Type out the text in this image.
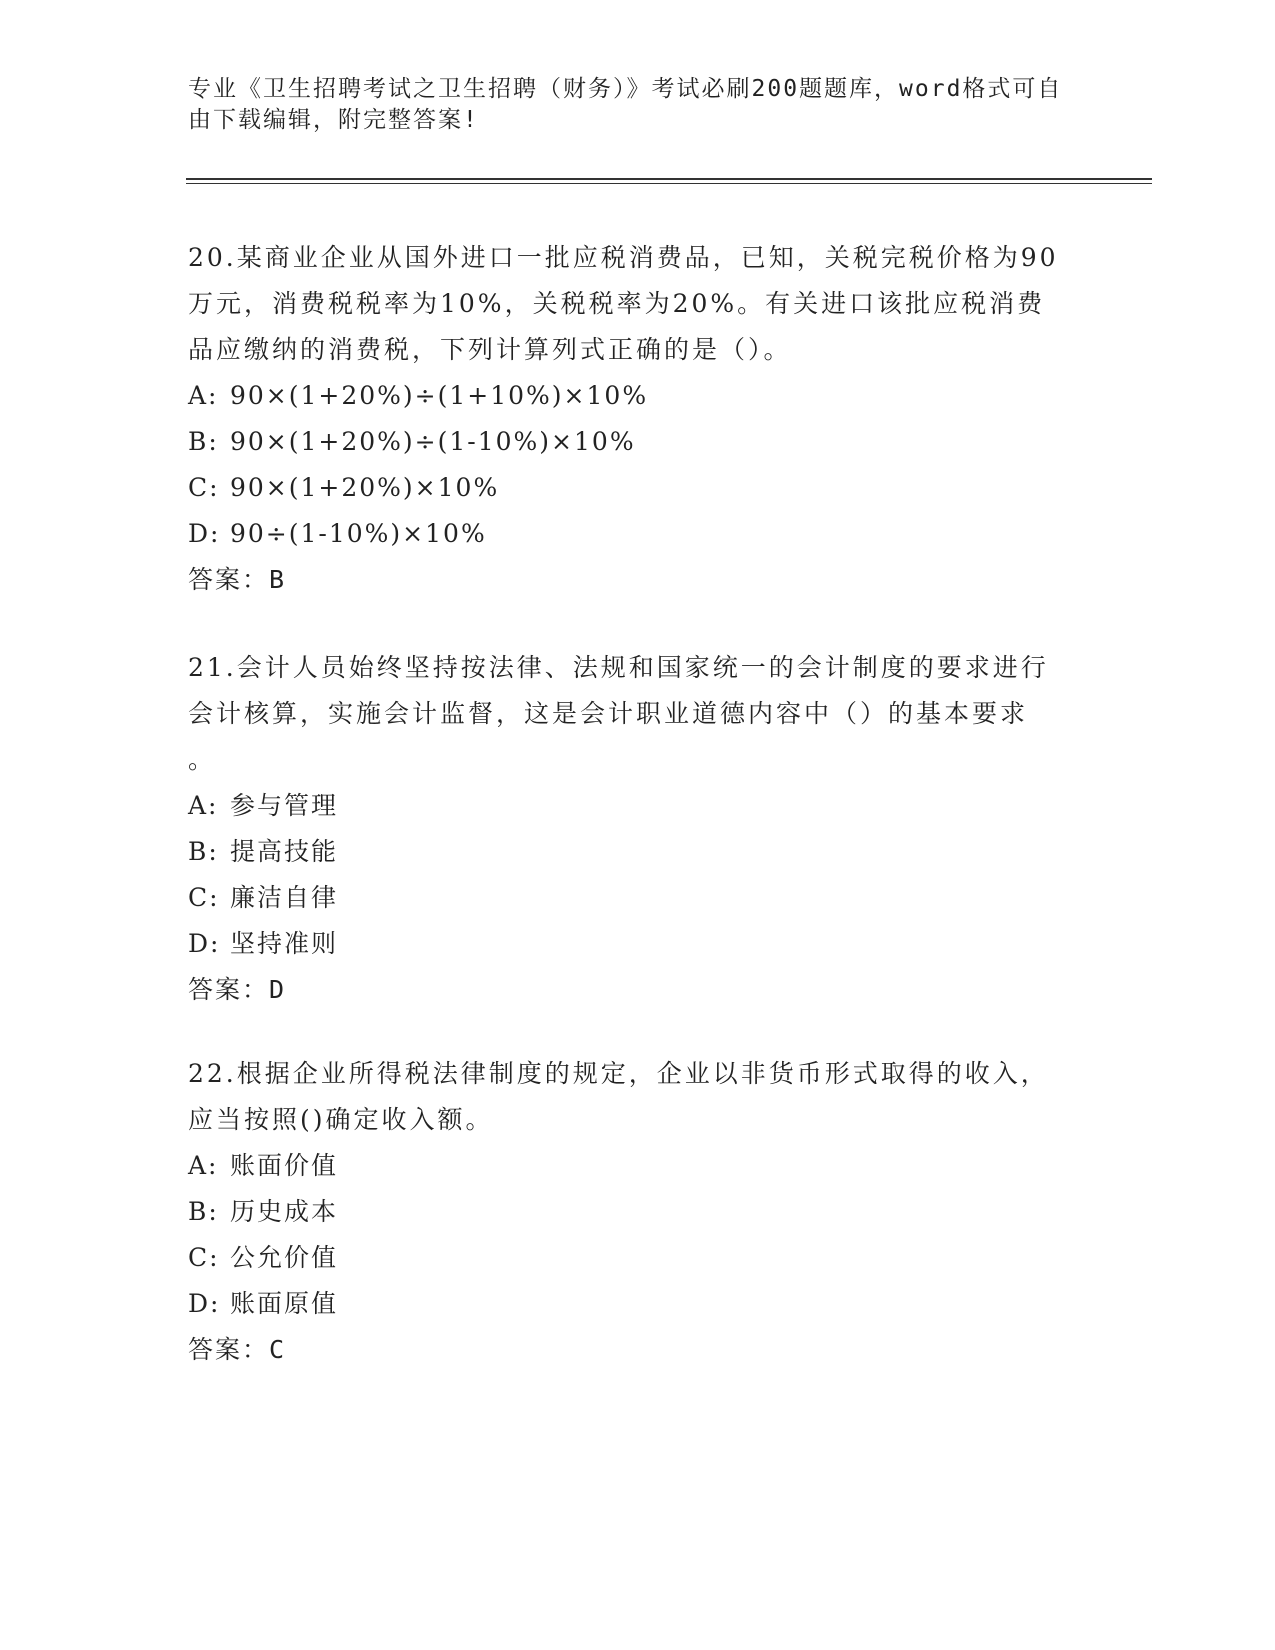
专业《卫生招聘考试之卫生招聘（财务）》考试必刷200题题库，word格式可自
由下载编辑，附完整答案!

20.某商业企业从国外进口一批应税消费品，已知，关税完税价格为90

万元，消费税税率为10%，关税税率为20%。有关进口该批应税消费

品应缴纳的消费税，下列计算列式正确的是（）。

A: 90×(1+20%)÷(1+10%)×10%

B: 90×(1+20%)÷(1-10%)×10%

C: 90×(1+20%)×10%

D: 90÷(1-10%)×10%

答案：B

21.会计人员始终坚持按法律、法规和国家统一的会计制度的要求进行

会计核算，实施会计监督，这是会计职业道德内容中（）的基本要求

。

A: 参与管理

B: 提高技能

C: 廉洁自律

D: 坚持准则

答案：D

22.根据企业所得税法律制度的规定，企业以非货币形式取得的收入，

应当按照()确定收入额。

A: 账面价值

B: 历史成本

C: 公允价值

D: 账面原值

答案：C
